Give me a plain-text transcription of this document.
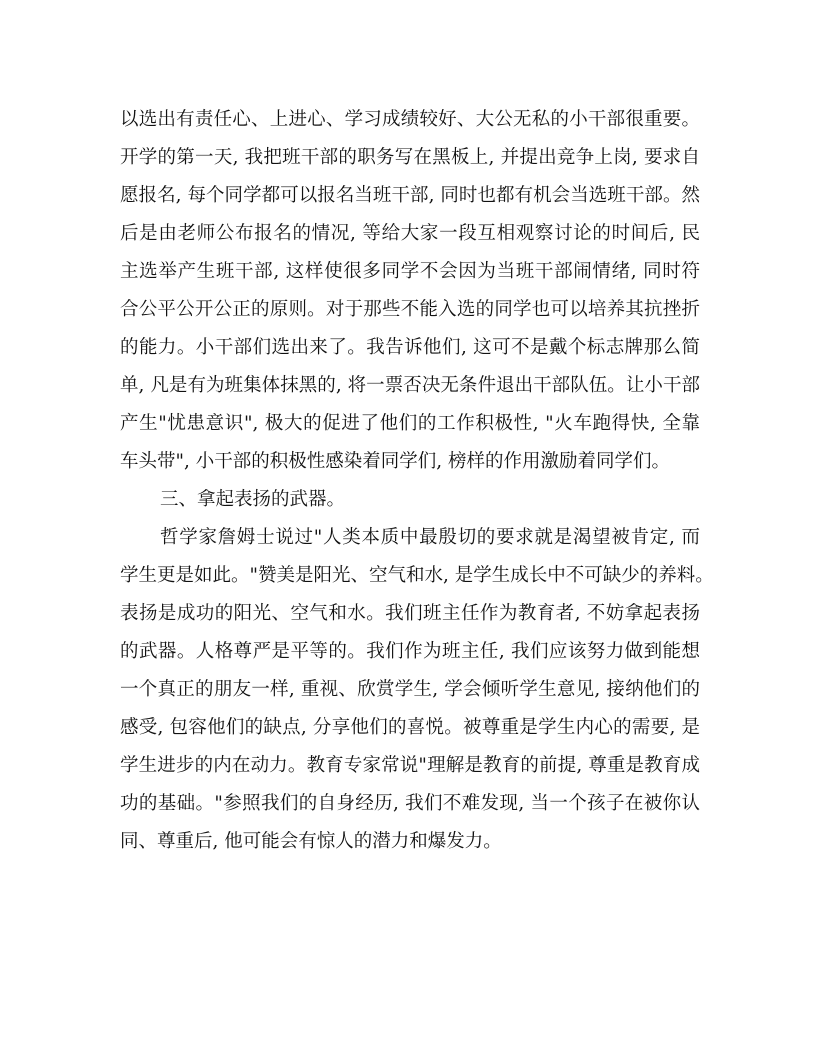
以选出有责任心、上进心、学习成绩较好、大公无私的小干部很重要。
开学的第一天, 我把班干部的职务写在黑板上, 并提出竞争上岗, 要求自
愿报名, 每个同学都可以报名当班干部, 同时也都有机会当选班干部。然
后是由老师公布报名的情况, 等给大家一段互相观察讨论的时间后, 民
主选举产生班干部, 这样使很多同学不会因为当班干部闹情绪, 同时符
合公平公开公正的原则。对于那些不能入选的同学也可以培养其抗挫折
的能力。小干部们选出来了。我告诉他们, 这可不是戴个标志牌那么简
单, 凡是有为班集体抹黑的, 将一票否决无条件退出干部队伍。让小干部
产生"忧患意识", 极大的促进了他们的工作积极性, "火车跑得快, 全靠
车头带", 小干部的积极性感染着同学们, 榜样的作用激励着同学们。
三、拿起表扬的武器。
哲学家詹姆士说过"人类本质中最殷切的要求就是渴望被肯定, 而
学生更是如此。"赞美是阳光、空气和水, 是学生成长中不可缺少的养料。
表扬是成功的阳光、空气和水。我们班主任作为教育者, 不妨拿起表扬
的武器。人格尊严是平等的。我们作为班主任, 我们应该努力做到能想
一个真正的朋友一样, 重视、欣赏学生, 学会倾听学生意见, 接纳他们的
感受, 包容他们的缺点, 分享他们的喜悦。被尊重是学生内心的需要, 是
学生进步的内在动力。教育专家常说"理解是教育的前提, 尊重是教育成
功的基础。"参照我们的自身经历, 我们不难发现, 当一个孩子在被你认
同、尊重后, 他可能会有惊人的潜力和爆发力。
